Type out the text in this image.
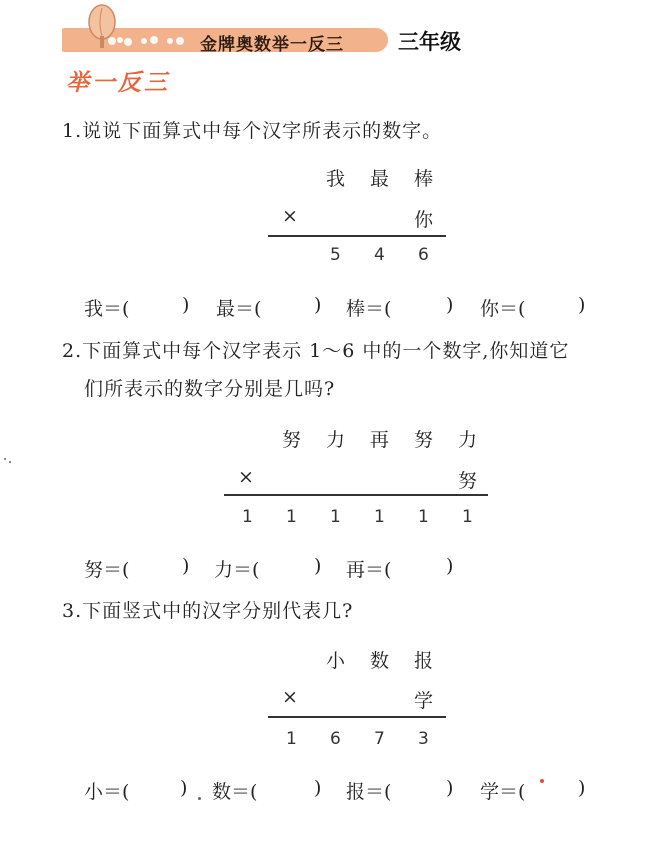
金牌奥数举一反三	三年级
举一反三
1.说说下面算式中每个汉字所表示的数字。
我 最 棒
×	你
5 4 6
我＝(	) 最＝(	) 棒＝(	) 你＝(	)
2.下面算式中每个汉字表示 1～6 中的一个数字,你知道它
们所表示的数字分别是几吗?
努 力 再 努 力
×	努
1 1 1 1 1 1
努＝(	) 力＝(	) 再＝(	)
3.下面竖式中的汉字分别代表几?
小 数 报
×	学
1 6 7 3
小＝(	) 数＝(	) 报＝(	) 学＝(	)
